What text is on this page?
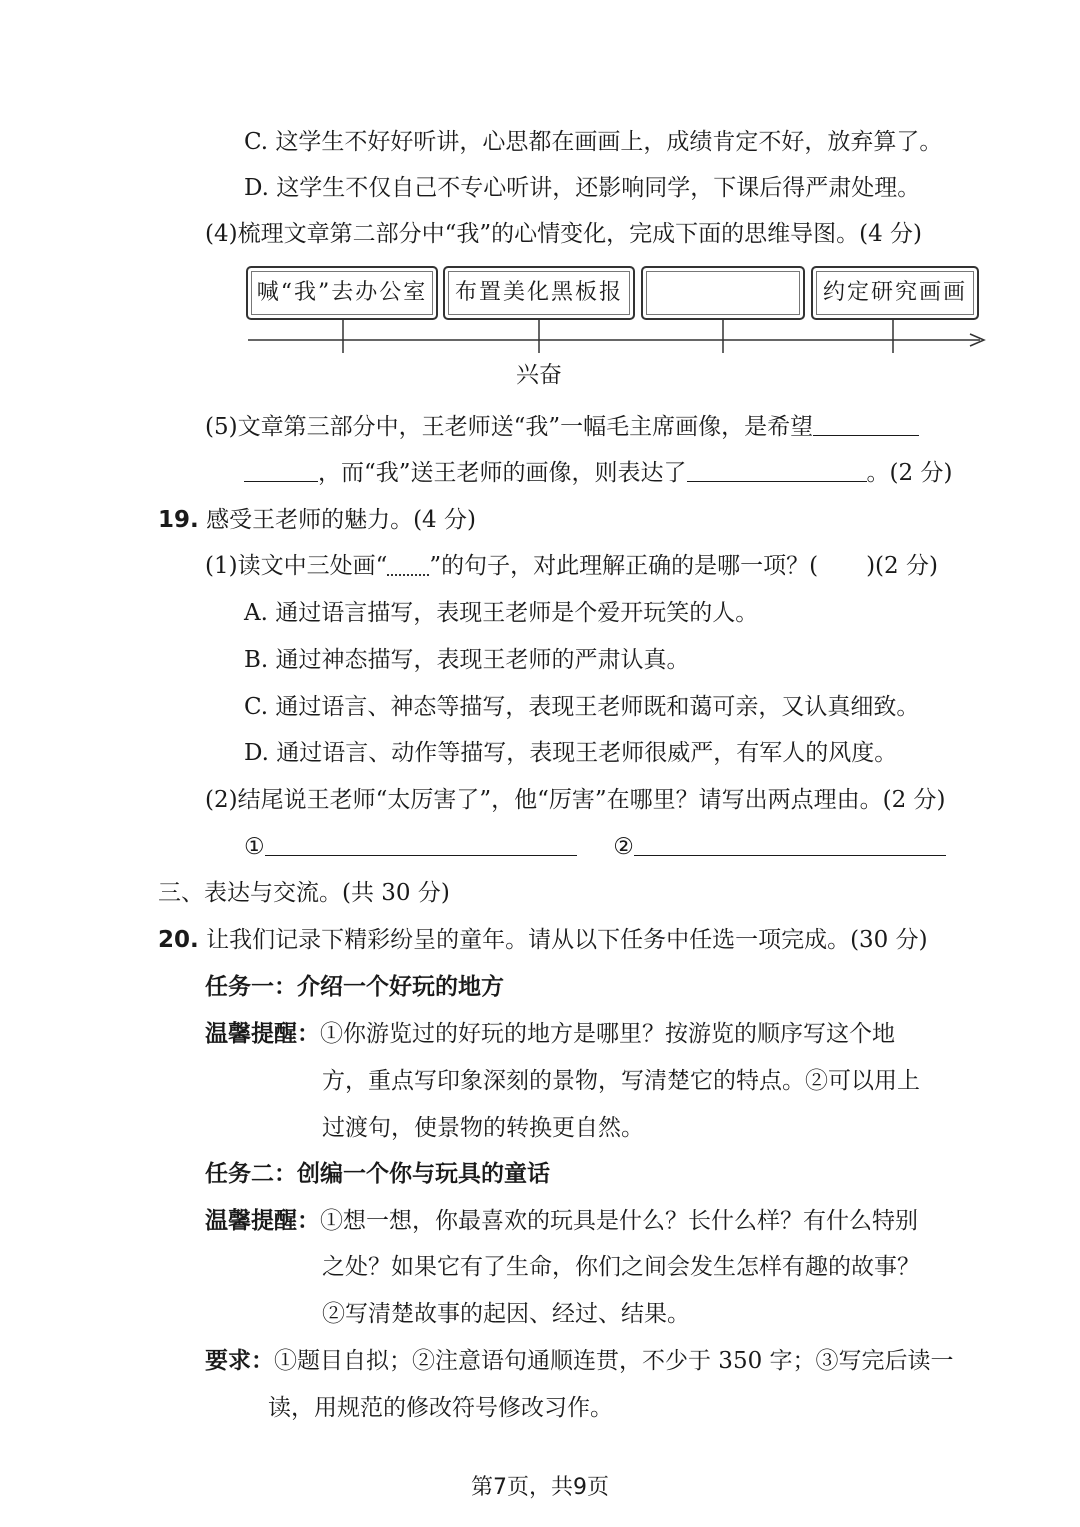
C. 这学生不好好听讲，心思都在画画上，成绩肯定不好，放弃算了。
D. 这学生不仅自己不专心听讲，还影响同学，下课后得严肃处理。
(4)梳理文章第二部分中“我”的心情变化，完成下面的思维导图。(4 分)
喊“我”去办公室	布置美化黑板报	约定研究画画
兴奋
(5)文章第三部分中，王老师送“我”一幅毛主席画像，是希望
，而“我”送王老师的画像，则表达了	。(2 分)
19. 感受王老师的魅力。(4 分)
(1)读文中三处画“ ”的句子，对此理解正确的是哪一项？( )(2 分)
A. 通过语言描写，表现王老师是个爱开玩笑的人。
B. 通过神态描写，表现王老师的严肃认真。
C. 通过语言、神态等描写，表现王老师既和蔼可亲，又认真细致。
D. 通过语言、动作等描写，表现王老师很威严，有军人的风度。
(2)结尾说王老师“太厉害了”，他“厉害”在哪里？请写出两点理由。(2 分)
①	②
三、表达与交流。(共 30 分)
20. 让我们记录下精彩纷呈的童年。请从以下任务中任选一项完成。(30 分)
任务一：介绍一个好玩的地方
温馨提醒：①你游览过的好玩的地方是哪里？按游览的顺序写这个地
方，重点写印象深刻的景物，写清楚它的特点。②可以用上
过渡句，使景物的转换更自然。
任务二：创编一个你与玩具的童话
温馨提醒：①想一想，你最喜欢的玩具是什么？长什么样？有什么特别
之处？如果它有了生命，你们之间会发生怎样有趣的故事？
②写清楚故事的起因、经过、结果。
要求：①题目自拟；②注意语句通顺连贯，不少于 350 字；③写完后读一
读，用规范的修改符号修改习作。
第7页，共9页
